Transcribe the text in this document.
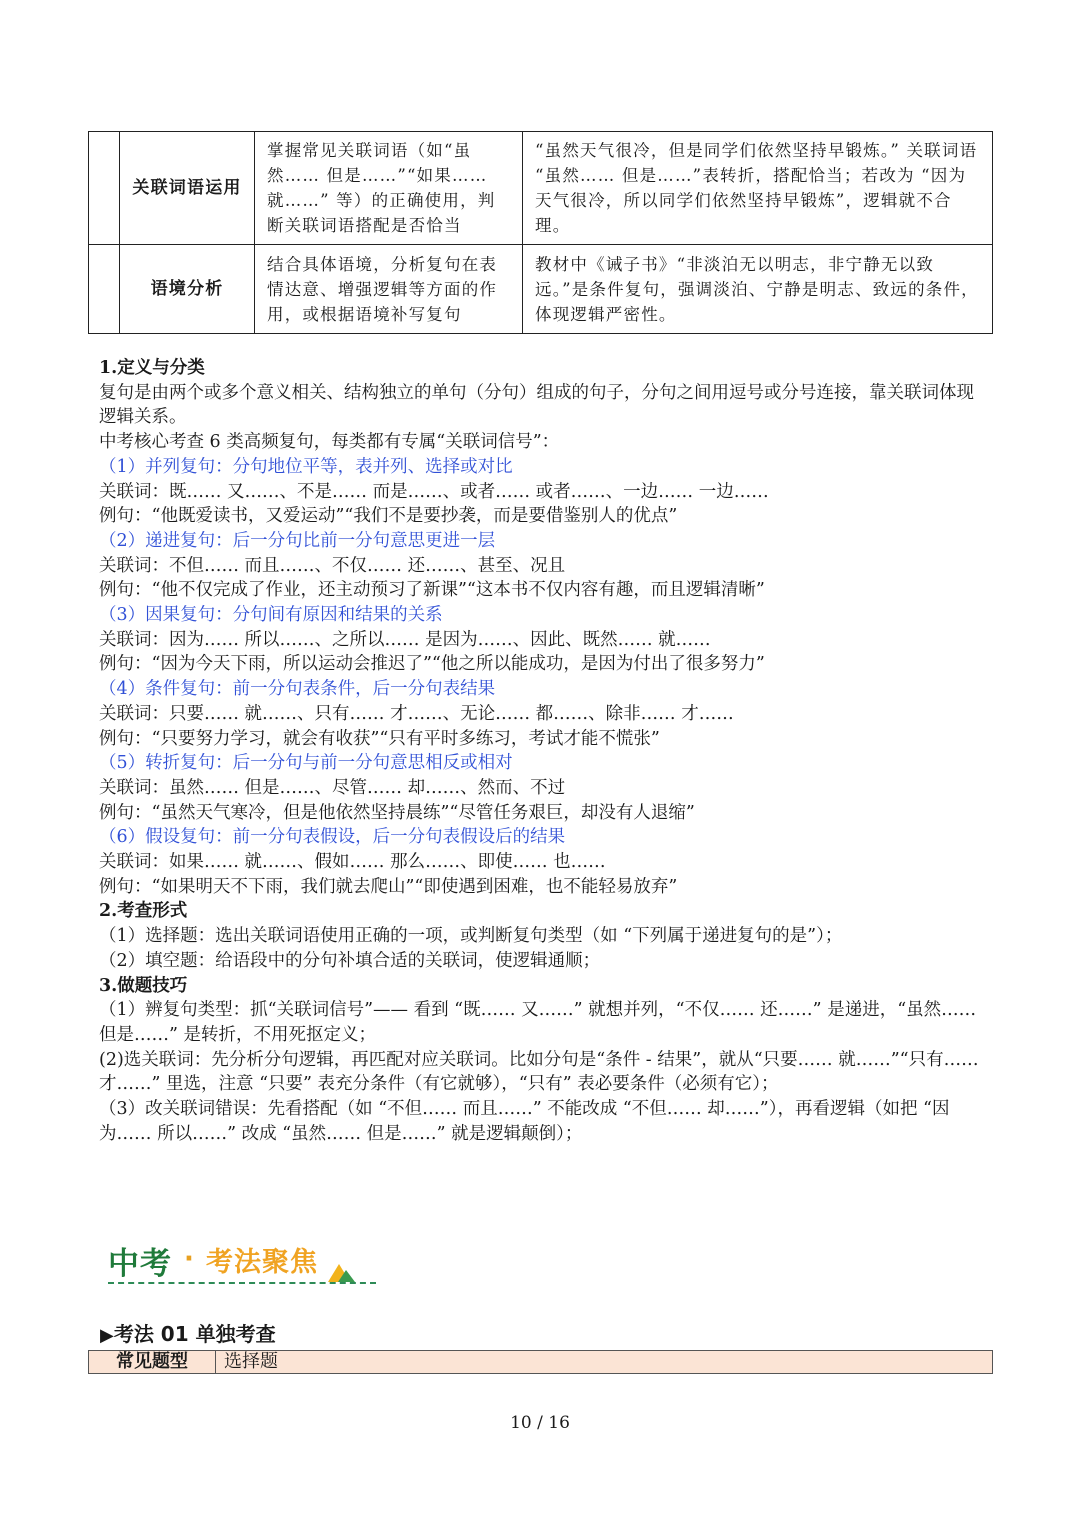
	关联词语运用	掌握常见关联词语（如“虽然…… 但是……”“如果…… 就……” 等）的正确使用，判断关联词语搭配是否恰当	“虽然天气很冷，但是同学们依然坚持早锻炼。” 关联词语 “虽然…… 但是……”表转折，搭配恰当；若改为 “因为天气很冷，所以同学们依然坚持早锻炼”，逻辑就不合理。
	语境分析	结合具体语境，分析复句在表情达意、增强逻辑等方面的作用，或根据语境补写复句	教材中《诫子书》“非淡泊无以明志，非宁静无以致远。”是条件复句，强调淡泊、宁静是明志、致远的条件，体现逻辑严密性。

1.定义与分类

复句是由两个或多个意义相关、结构独立的单句（分句）组成的句子，分句之间用逗号或分号连接，靠关联词体现逻辑关系。

中考核心考查 6 类高频复句，每类都有专属“关联词信号”：

（1）并列复句：分句地位平等，表并列、选择或对比

关联词：既…… 又……、不是…… 而是……、或者…… 或者……、一边…… 一边……

例句：“他既爱读书，又爱运动”“我们不是要抄袭，而是要借鉴别人的优点”

（2）递进复句：后一分句比前一分句意思更进一层

关联词：不但…… 而且……、不仅…… 还……、甚至、况且

例句：“他不仅完成了作业，还主动预习了新课”“这本书不仅内容有趣，而且逻辑清晰”

（3）因果复句：分句间有原因和结果的关系

关联词：因为…… 所以……、之所以…… 是因为……、因此、既然…… 就……

例句：“因为今天下雨，所以运动会推迟了”“他之所以能成功，是因为付出了很多努力”

（4）条件复句：前一分句表条件，后一分句表结果

关联词：只要…… 就……、只有…… 才……、无论…… 都……、除非…… 才……

例句：“只要努力学习，就会有收获”“只有平时多练习，考试才能不慌张”

（5）转折复句：后一分句与前一分句意思相反或相对

关联词：虽然…… 但是……、尽管…… 却……、然而、不过

例句：“虽然天气寒冷，但是他依然坚持晨练”“尽管任务艰巨，却没有人退缩”

（6）假设复句：前一分句表假设，后一分句表假设后的结果

关联词：如果…… 就……、假如…… 那么……、即使…… 也……

例句：“如果明天不下雨，我们就去爬山”“即使遇到困难，也不能轻易放弃”

2.考查形式

（1）选择题：选出关联词语使用正确的一项，或判断复句类型（如 “下列属于递进复句的是”）；

（2）填空题：给语段中的分句补填合适的关联词，使逻辑通顺；

3.做题技巧

（1）辨复句类型：抓“关联词信号”—— 看到 “既…… 又……” 就想并列，“不仅…… 还……” 是递进，“虽然…… 但是……” 是转折，不用死抠定义；

(2)选关联词：先分析分句逻辑，再匹配对应关联词。比如分句是“条件 - 结果”，就从“只要…… 就……”“只有…… 才……” 里选，注意 “只要” 表充分条件（有它就够），“只有” 表必要条件（必须有它）；

（3）改关联词错误：先看搭配（如 “不但…… 而且……” 不能改成 “不但…… 却……”），再看逻辑（如把 “因为…… 所以……” 改成 “虽然…… 但是……” 就是逻辑颠倒）；

中考 · 考法聚焦
▶考法 01 单独考查
常见题型	选择题
10 / 16
